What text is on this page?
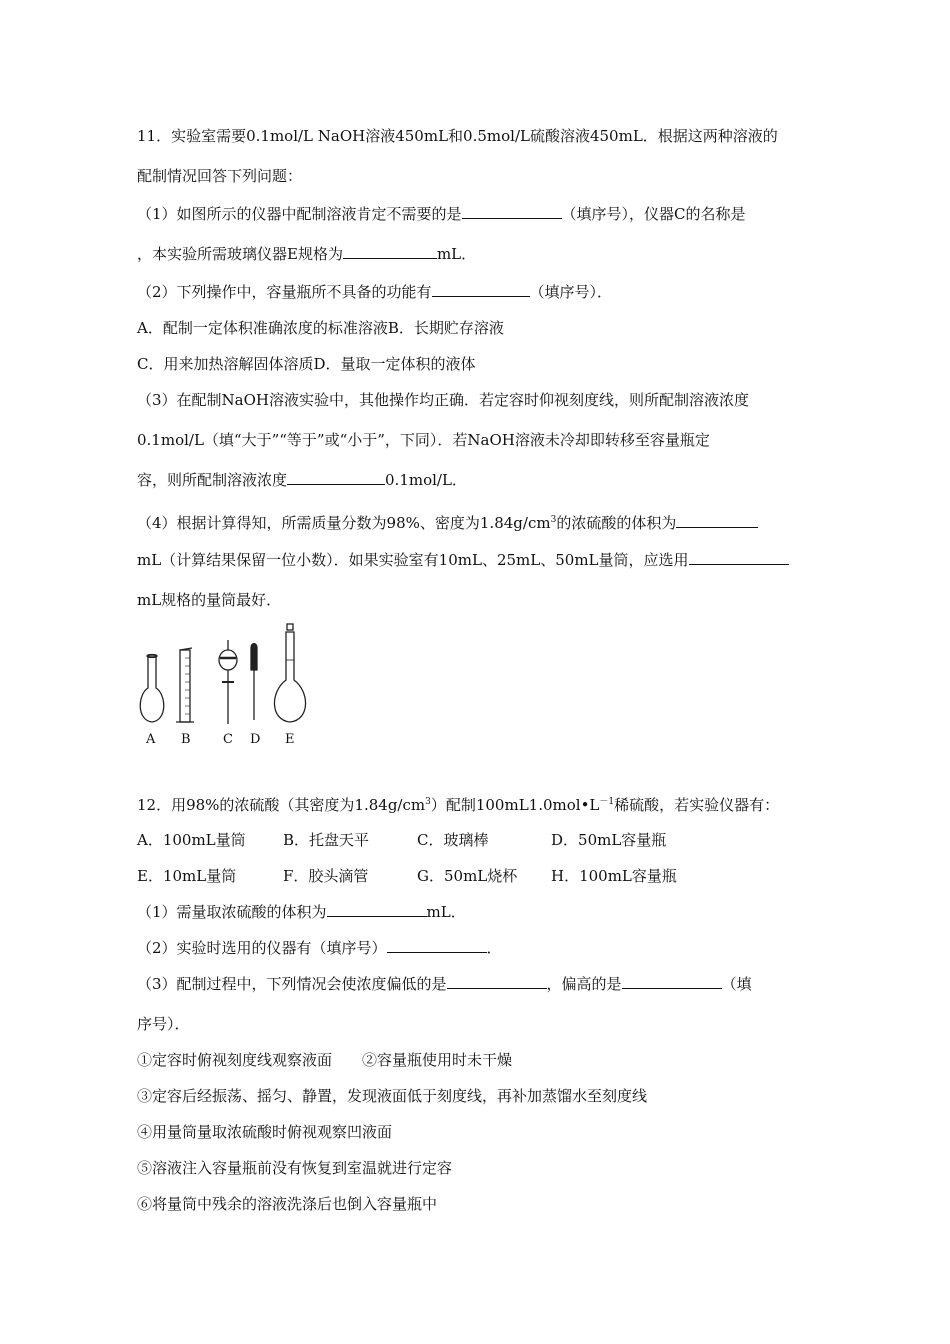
11．实验室需要0.1mol/L NaOH溶液450mL和0.5mol/L硫酸溶液450mL．根据这两种溶液的
配制情况回答下列问题：
（1）如图所示的仪器中配制溶液肯定不需要的是	（填序号），仪器C的名称是
，本实验所需玻璃仪器E规格为	mL．
（2）下列操作中，容量瓶所不具备的功能有	（填序号）．
A．配制一定体积准确浓度的标准溶液B．长期贮存溶液
C．用来加热溶解固体溶质D．量取一定体积的液体
（3）在配制NaOH溶液实验中，其他操作均正确．若定容时仰视刻度线，则所配制溶液浓度
0.1mol/L（填“大于”“等于”或“小于”，下同）．若NaOH溶液未冷却即转移至容量瓶定
容，则所配制溶液浓度	0.1mol/L．
（4）根据计算得知，所需质量分数为98%、密度为$1.84g/cm^3$的浓硫酸的体积为
mL（计算结果保留一位小数）．如果实验室有10mL、25mL、50mL量筒，应选用
mL规格的量筒最好．
A B C D E
12．用98%的浓硫酸（其密度为$1.84g/cm^3$）配制$100mL1.0mol•L^{-1}$稀硫酸，若实验仪器有：
A．100mL量筒 B．托盘天平	C．玻璃棒	D．50mL容量瓶
E．10mL量筒	F．胶头滴管	G．50mL烧杯 H．100mL容量瓶
（1）需量取浓硫酸的体积为	mL．
（2）实验时选用的仪器有（填序号）	．
（3）配制过程中，下列情况会使浓度偏低的是	，偏高的是	（填
序号）．
①定容时俯视刻度线观察液面　　②容量瓶使用时未干燥
③定容后经振荡、摇匀、静置，发现液面低于刻度线，再补加蒸馏水至刻度线
④用量筒量取浓硫酸时俯视观察凹液面
⑤溶液注入容量瓶前没有恢复到室温就进行定容
⑥将量筒中残余的溶液洗涤后也倒入容量瓶中
